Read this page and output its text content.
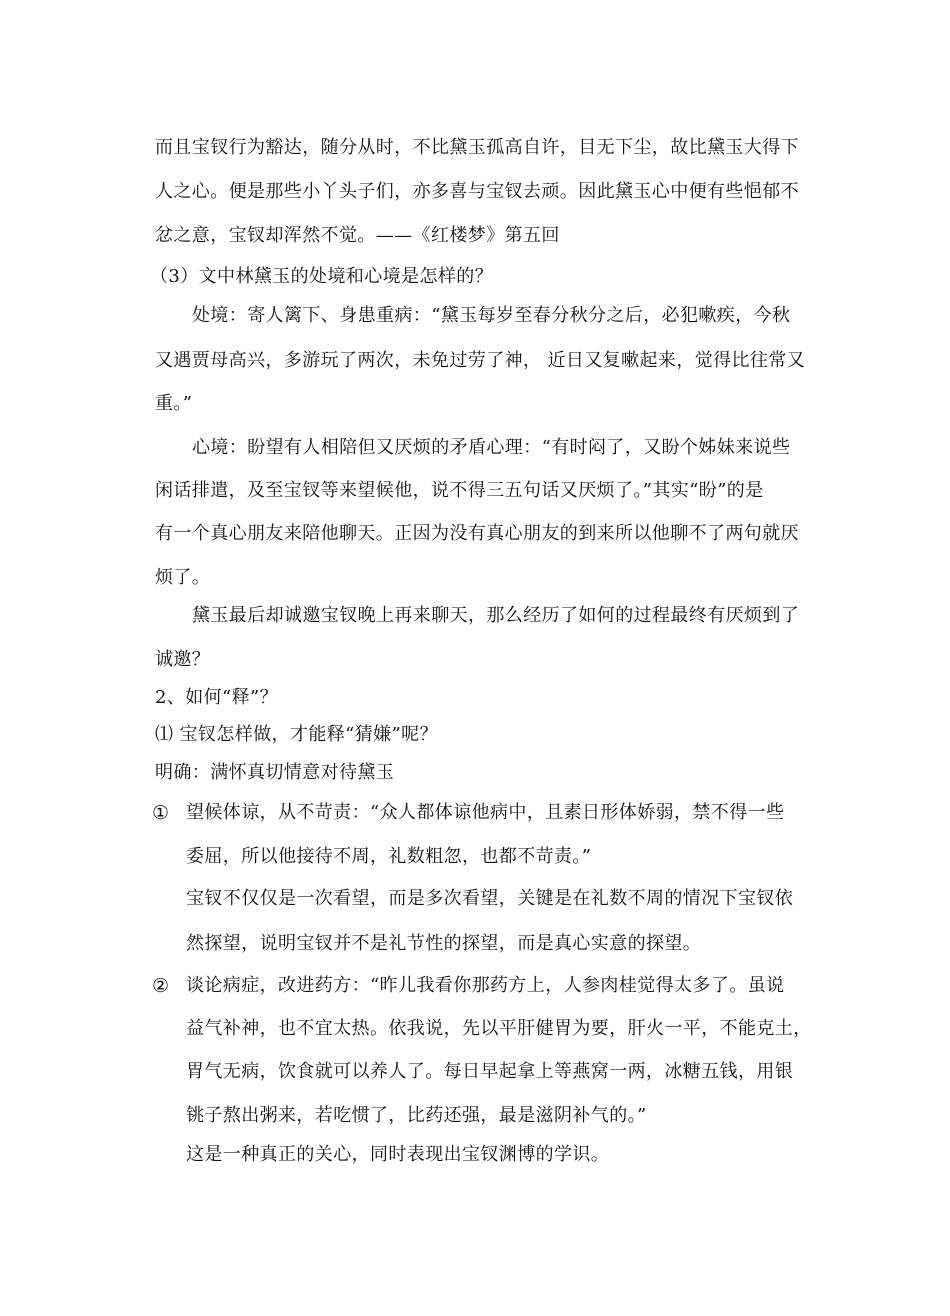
而且宝钗行为豁达，随分从时，不比黛玉孤高自许，目无下尘，故比黛玉大得下
人之心。便是那些小丫头子们，亦多喜与宝钗去顽。因此黛玉心中便有些悒郁不
忿之意，宝钗却浑然不觉。——《红楼梦》第五回
（3）文中林黛玉的处境和心境是怎样的？
处境：寄人篱下、身患重病：“黛玉每岁至春分秋分之后，必犯嗽疾，今秋
又遇贾母高兴，多游玩了两次，未免过劳了神， 近日又复嗽起来，觉得比往常又
重。”
心境：盼望有人相陪但又厌烦的矛盾心理：“有时闷了，又盼个姊妹来说些
闲话排遣，及至宝钗等来望候他，说不得三五句话又厌烦了。”其实“盼”的是
有一个真心朋友来陪他聊天。正因为没有真心朋友的到来所以他聊不了两句就厌
烦了。
黛玉最后却诚邀宝钗晚上再来聊天，那么经历了如何的过程最终有厌烦到了
诚邀？
2、如何“释”？
⑴ 宝钗怎样做，才能释“猜嫌”呢？
明确：满怀真切情意对待黛玉
① 望候体谅，从不苛责：“众人都体谅他病中，且素日形体娇弱，禁不得一些
委屈，所以他接待不周，礼数粗忽，也都不苛责。”
宝钗不仅仅是一次看望，而是多次看望，关键是在礼数不周的情况下宝钗依
然探望，说明宝钗并不是礼节性的探望，而是真心实意的探望。
② 谈论病症，改进药方：“昨儿我看你那药方上，人参肉桂觉得太多了。虽说
益气补神，也不宜太热。依我说，先以平肝健胃为要，肝火一平，不能克土，
胃气无病，饮食就可以养人了。每日早起拿上等燕窝一两，冰糖五钱，用银
铫子熬出粥来，若吃惯了，比药还强，最是滋阴补气的。”
这是一种真正的关心，同时表现出宝钗渊博的学识。
